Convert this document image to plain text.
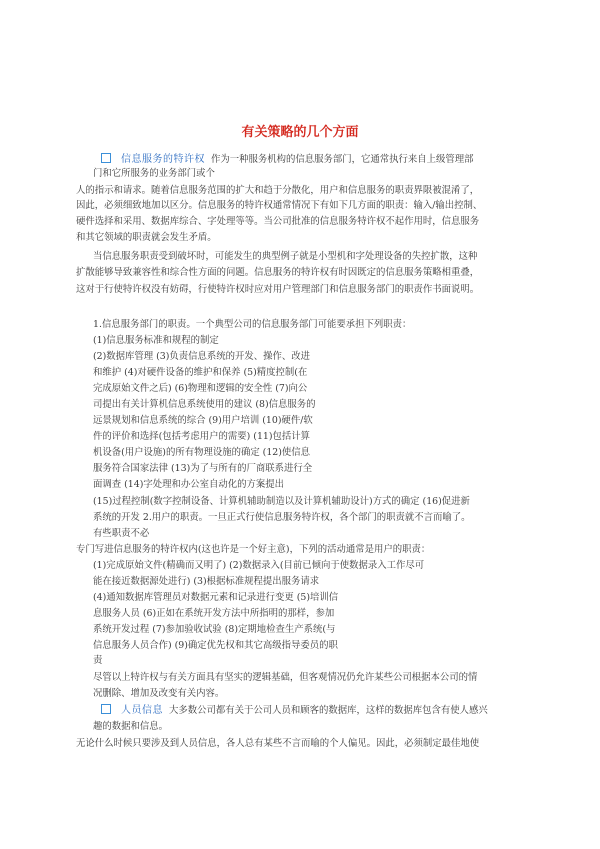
有关策略的几个方面
信息服务的特许权 作为一种服务机构的信息服务部门，它通常执行来自上级管理部
门和它所服务的业务部门或个
人的指示和请求。随着信息服务范围的扩大和趋于分散化，用户和信息服务的职责界限被混淆了，
因此，必须细致地加以区分。信息服务的特许权通常情况下有如下几方面的职责：输入/输出控制、
硬件选择和采用、数据库综合、字处理等等。当公司批准的信息服务特许权不起作用时，信息服务
和其它领域的职责就会发生矛盾。
当信息服务职责受到破坏时，可能发生的典型例子就是小型机和字处理设备的失控扩散，这种
扩散能够导致兼容性和综合性方面的问题。信息服务的特许权有时因既定的信息服务策略相重叠，
这对于行使特许权没有妨碍，行使特许权时应对用户管理部门和信息服务部门的职责作书面说明。
1.信息服务部门的职责。一个典型公司的信息服务部门可能要承担下列职责：
(1)信息服务标准和规程的制定
(2)数据库管理 (3)负责信息系统的开发、操作、改进
和维护 (4)对硬件设备的维护和保养 (5)精度控制(在
完成原始文件之后) (6)物理和逻辑的安全性 (7)向公
司提出有关计算机信息系统使用的建议 (8)信息服务的
远景规划和信息系统的综合 (9)用户培训 (10)硬件/软
件的评价和选择(包括考虑用户的需要) (11)包括计算
机设备(用户设施)的所有物理设施的确定 (12)使信息
服务符合国家法律 (13)为了与所有的厂商联系进行全
面调查 (14)字处理和办公室自动化的方案提出
(15)过程控制(数字控制设备、计算机辅助制造以及计算机辅助设计)方式的确定 (16)促进新
系统的开发 2.用户的职责。一旦正式行使信息服务特许权，各个部门的职责就不言而喻了。
有些职责不必
专门写进信息服务的特许权内(这也许是一个好主意)，下列的活动通常是用户的职责：
(1)完成原始文件(精确而又明了) (2)数据录入(目前已倾向于使数据录入工作尽可
能在接近数据源处进行) (3)根据标准规程提出服务请求
(4)通知数据库管理员对数据元素和记录进行变更 (5)培训信
息服务人员 (6)正如在系统开发方法中所指明的那样，参加
系统开发过程 (7)参加验收试验 (8)定期地检查生产系统(与
信息服务人员合作) (9)确定优先权和其它高级指导委员的职
责
尽管以上特许权与有关方面具有坚实的逻辑基础，但客观情况仍允许某些公司根据本公司的情
况删除、增加及改变有关内容。
人员信息 大多数公司都有关于公司人员和顾客的数据库，这样的数据库包含有使人感兴
趣的数据和信息。
无论什么时候只要涉及到人员信息，各人总有某些不言而喻的个人偏见。因此，必须制定最佳地使
